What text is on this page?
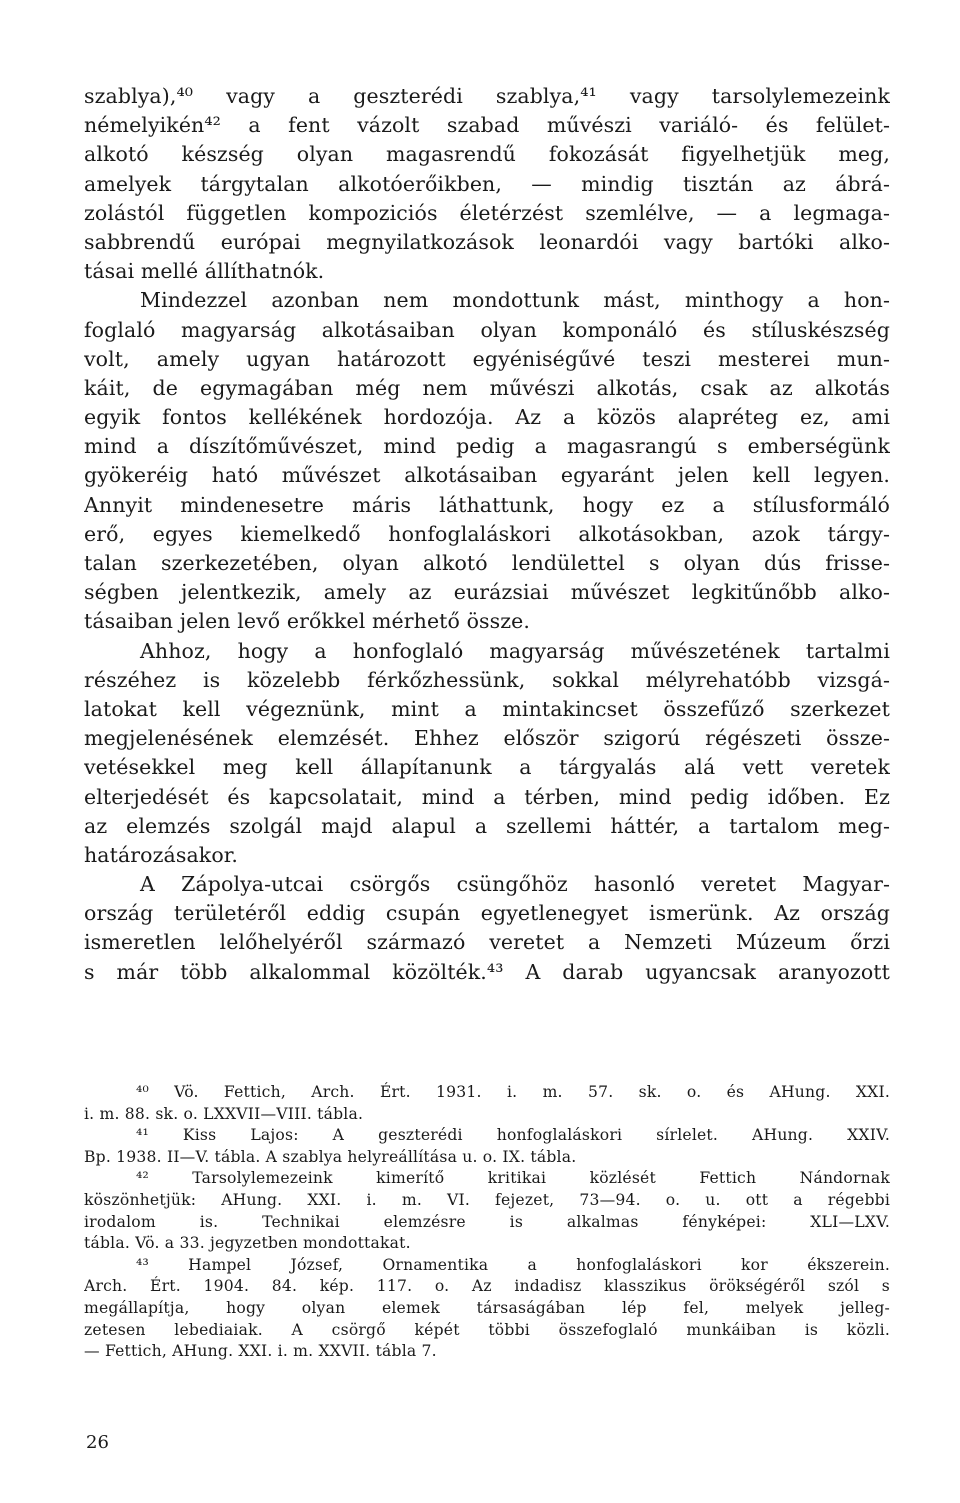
szablya),⁴⁰ vagy a geszterédi szablya,⁴¹ vagy tarsolylemezeink
némelyikén⁴² a fent vázolt szabad művészi variáló- és felület-
alkotó készség olyan magasrendű fokozását figyelhetjük meg,
amelyek tárgytalan alkotóerőikben, — mindig tisztán az ábrá-
zolástól független kompoziciós életérzést szemlélve, — a legmaga-
sabbrendű európai megnyilatkozások leonardói vagy bartóki alko-
tásai mellé állíthatnók.
Mindezzel azonban nem mondottunk mást, minthogy a hon-
foglaló magyarság alkotásaiban olyan komponáló és stíluskészség
volt, amely ugyan határozott egyéniségűvé teszi mesterei mun-
káit, de egymagában még nem művészi alkotás, csak az alkotás
egyik fontos kellékének hordozója. Az a közös alapréteg ez, ami
mind a díszítőművészet, mind pedig a magasrangú s emberségünk
gyökeréig ható művészet alkotásaiban egyaránt jelen kell legyen.
Annyit mindenesetre máris láthattunk, hogy ez a stílusformáló
erő, egyes kiemelkedő honfoglaláskori alkotásokban, azok tárgy-
talan szerkezetében, olyan alkotó lendülettel s olyan dús frisse-
ségben jelentkezik, amely az eurázsiai művészet legkitűnőbb alko-
tásaiban jelen levő erőkkel mérhető össze.
Ahhoz, hogy a honfoglaló magyarság művészetének tartalmi
részéhez is közelebb férkőzhessünk, sokkal mélyrehatóbb vizsgá-
latokat kell végeznünk, mint a mintakincset összefűző szerkezet
megjelenésének elemzését. Ehhez először szigorú régészeti össze-
vetésekkel meg kell állapítanunk a tárgyalás alá vett veretek
elterjedését és kapcsolatait, mind a térben, mind pedig időben. Ez
az elemzés szolgál majd alapul a szellemi háttér, a tartalom meg-
határozásakor.
A Zápolya-utcai csörgős csüngőhöz hasonló veretet Magyar-
ország területéről eddig csupán egyetlenegyet ismerünk. Az ország
ismeretlen lelőhelyéről származó veretet a Nemzeti Múzeum őrzi
s már több alkalommal közölték.⁴³ A darab ugyancsak aranyozott
⁴⁰ Vö. Fettich, Arch. Ért. 1931. i. m. 57. sk. o. és AHung. XXI.
i. m. 88. sk. o. LXXVII—VIII. tábla.
⁴¹ Kiss Lajos: A geszterédi honfoglaláskori sírlelet. AHung. XXIV.
Bp. 1938. II—V. tábla. A szablya helyreállítása u. o. IX. tábla.
⁴² Tarsolylemezeink kimerítő kritikai közlését Fettich Nándornak
köszönhetjük: AHung. XXI. i. m. VI. fejezet, 73—94. o. u. ott a régebbi
irodalom is. Technikai elemzésre is alkalmas fényképei: XLI—LXV.
tábla. Vö. a 33. jegyzetben mondottakat.
⁴³ Hampel József, Ornamentika a honfoglaláskori kor ékszerein.
Arch. Ért. 1904. 84. kép. 117. o. Az indadisz klasszikus örökségéről szól s
megállapítja, hogy olyan elemek társaságában lép fel, melyek jelleg-
zetesen lebediaiak. A csörgő képét többi összefoglaló munkáiban is közli.
— Fettich, AHung. XXI. i. m. XXVII. tábla 7.
26
